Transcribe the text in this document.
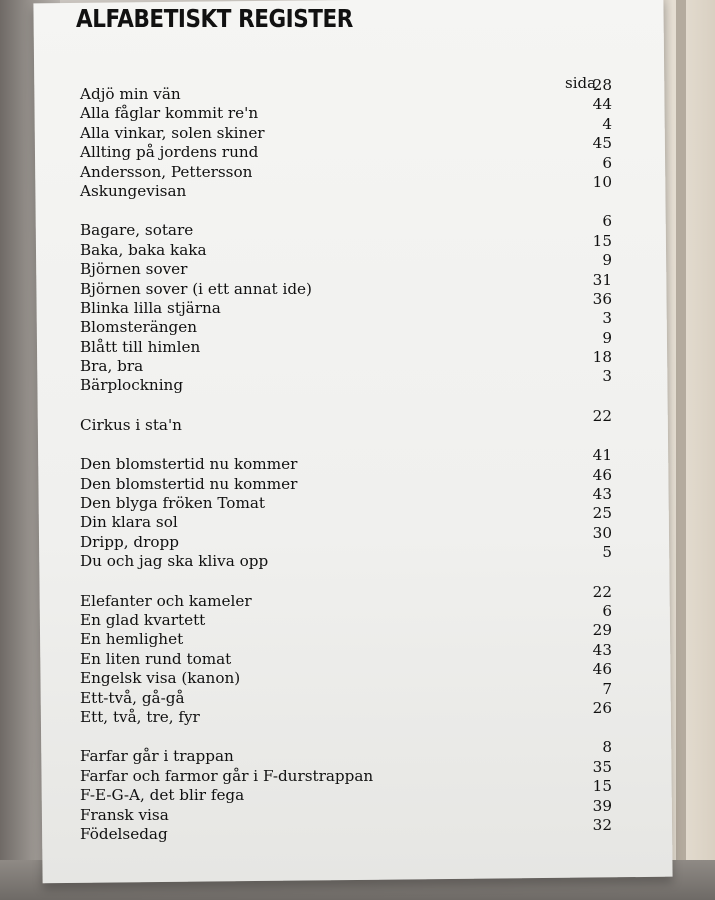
ALFABETISKT REGISTER
sida
Adjö min vän	28
Alla fåglar kommit re'n	44
Alla vinkar, solen skiner	4
Allting på jordens rund	45
Andersson, Pettersson	6
Askungevisan	10
Bagare, sotare	6
Baka, baka kaka	15
Björnen sover	9
Björnen sover (i ett annat ide)	31
Blinka lilla stjärna	36
Blomsterängen	3
Blått till himlen	9
Bra, bra	18
Bärplockning	3
Cirkus i sta'n	22
Den blomstertid nu kommer	41
Den blomstertid nu kommer	46
Den blyga fröken Tomat	43
Din klara sol	25
Dripp, dropp	30
Du och jag ska kliva opp	5
Elefanter och kameler	22
En glad kvartett	6
En hemlighet	29
En liten rund tomat	43
Engelsk visa (kanon)	46
Ett-två, gå-gå	7
Ett, två, tre, fyr	26
Farfar går i trappan	8
Farfar och farmor går i F-durstrappan	35
F-E-G-A, det blir fega	15
Fransk visa	39
Födelsedag	32
